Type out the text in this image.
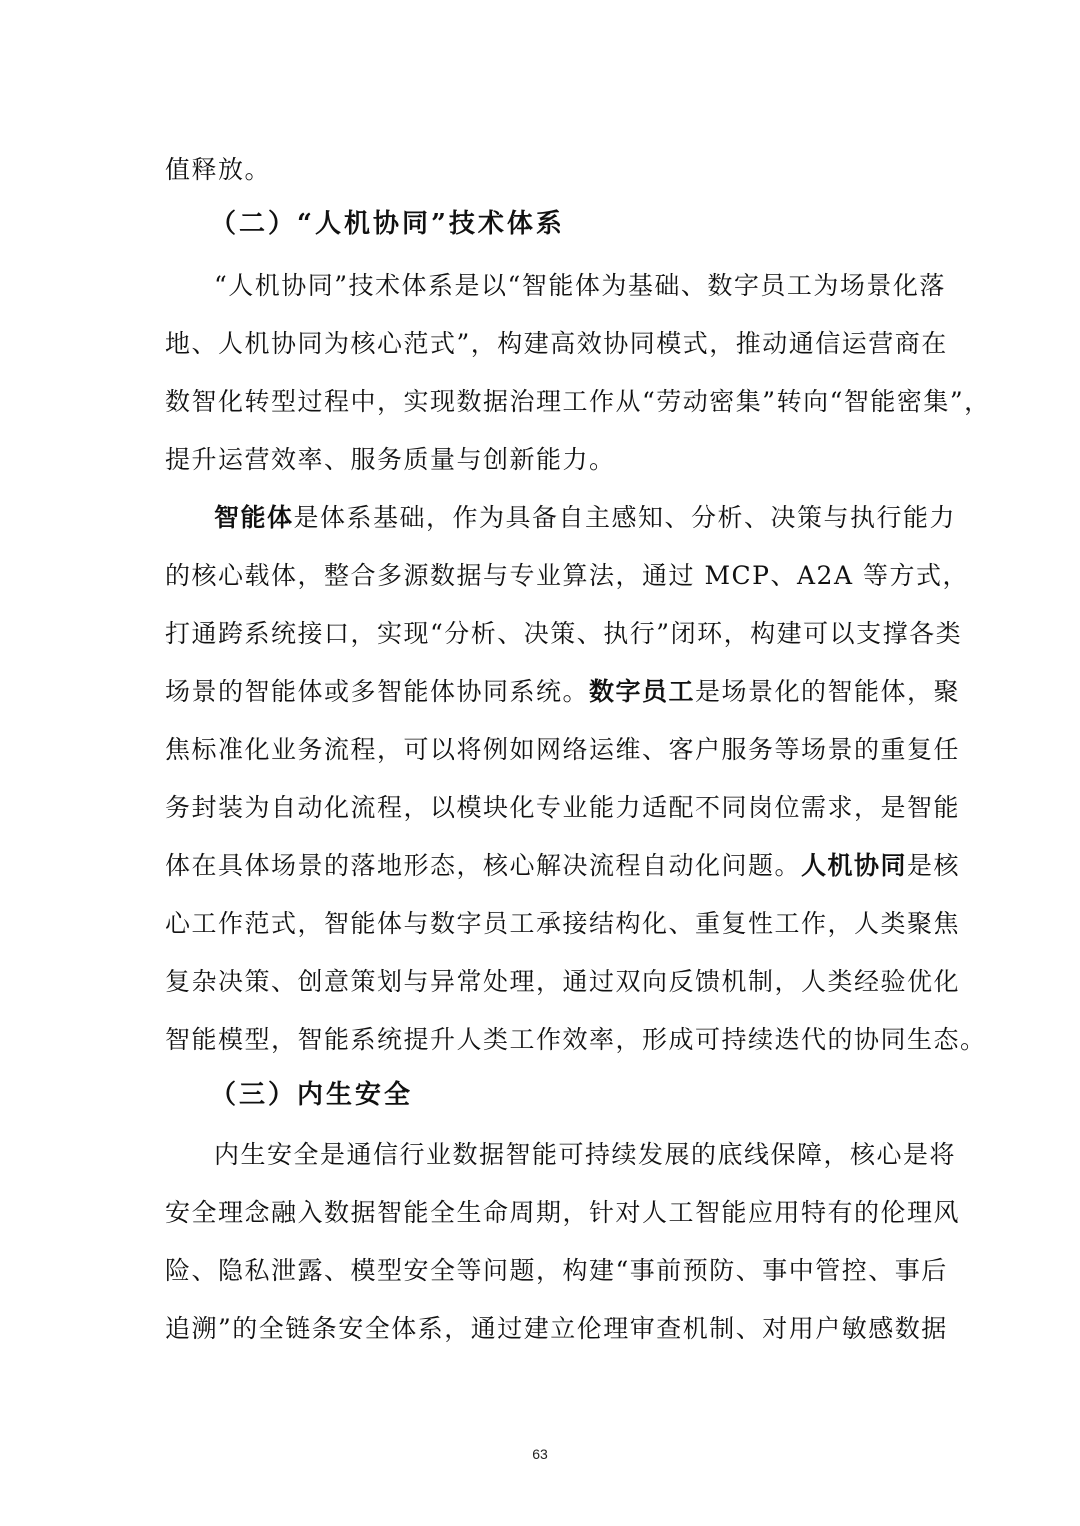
值释放。
（二）“人机协同”技术体系
“人机协同”技术体系是以“智能体为基础、数字员工为场景化落
地、人机协同为核心范式”，构建高效协同模式，推动通信运营商在
数智化转型过程中，实现数据治理工作从“劳动密集”转向“智能密集”，
提升运营效率、服务质量与创新能力。
智能体是体系基础，作为具备自主感知、分析、决策与执行能力
的核心载体，整合多源数据与专业算法，通过 MCP、A2A 等方式，
打通跨系统接口，实现“分析、决策、执行”闭环，构建可以支撑各类
场景的智能体或多智能体协同系统。数字员工是场景化的智能体，聚
焦标准化业务流程，可以将例如网络运维、客户服务等场景的重复任
务封装为自动化流程，以模块化专业能力适配不同岗位需求，是智能
体在具体场景的落地形态，核心解决流程自动化问题。人机协同是核
心工作范式，智能体与数字员工承接结构化、重复性工作，人类聚焦
复杂决策、创意策划与异常处理，通过双向反馈机制，人类经验优化
智能模型，智能系统提升人类工作效率，形成可持续迭代的协同生态。
（三）内生安全
内生安全是通信行业数据智能可持续发展的底线保障，核心是将
安全理念融入数据智能全生命周期，针对人工智能应用特有的伦理风
险、隐私泄露、模型安全等问题，构建“事前预防、事中管控、事后
追溯”的全链条安全体系，通过建立伦理审查机制、对用户敏感数据
63
